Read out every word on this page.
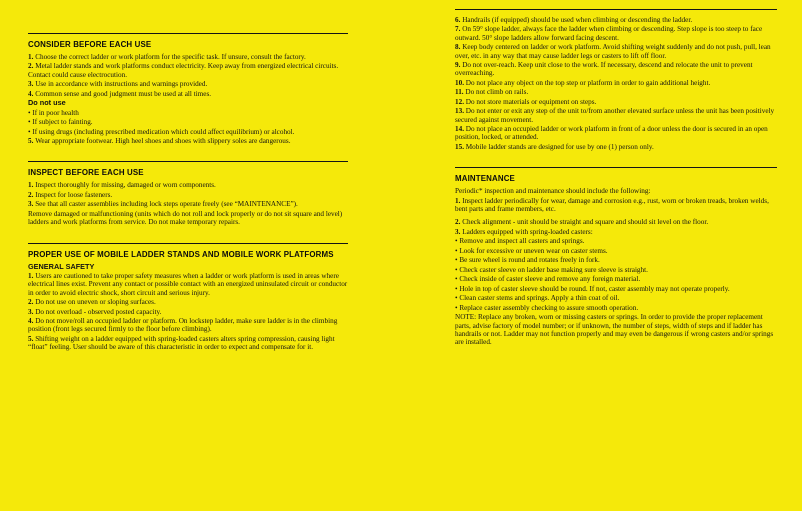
CONSIDER BEFORE EACH USE

1. Choose the correct ladder or work platform for the specific task. If unsure, consult the factory.

2. Metal ladder stands and work platforms conduct electricity. Keep away from energized electrical circuits. Contact could cause electrocution.

3. Use in accordance with instructions and warnings provided.

4. Common sense and good judgment must be used at all times.

Do not use

• If in poor health

• If subject to fainting.

• If using drugs (including prescribed medication which could affect equilibrium) or alcohol.

5. Wear appropriate footwear. High heel shoes and shoes with slippery soles are dangerous.

INSPECT BEFORE EACH USE

1. Inspect thoroughly for missing, damaged or worn components.

2. Inspect for loose fasteners.

3. See that all caster assemblies including lock steps operate freely (see “MAINTENANCE”).

Remove damaged or malfunctioning (units which do not roll and lock properly or do not sit square and level) ladders and work platforms from service. Do not make temporary repairs.

PROPER USE OF MOBILE LADDER STANDS AND MOBILE WORK PLATFORMS

GENERAL SAFETY

1. Users are cautioned to take proper safety measures when a ladder or work platform is used in areas where electrical lines exist. Prevent any contact or possible contact with an energized uninsulated circuit or conductor in order to avoid electric shock, short circuit and serious injury.

2. Do not use on uneven or sloping surfaces.

3. Do not overload - observed posted capacity.

4. Do not move/roll an occupied ladder or platform. On lockstep ladder, make sure ladder is in the climbing position (front legs secured firmly to the floor before climbing).

5. Shifting weight on a ladder equipped with spring-loaded casters alters spring compression, causing light “float” feeling. User should be aware of this characteristic in order to expect and compensate for it.

6. Handrails (if equipped) should be used when climbing or descending the ladder.

7. On 59° slope ladder, always face the ladder when climbing or descending. Step slope is too steep to face outward. 50° slope ladders allow forward facing descent.

8. Keep body centered on ladder or work platform. Avoid shifting weight suddenly and do not push, pull, lean over, etc. in any way that may cause ladder legs or casters to lift off floor.

9. Do not over-reach. Keep unit close to the work. If necessary, descend and relocate the unit to prevent overreaching.

10. Do not place any object on the top step or platform in order to gain additional height.

11. Do not climb on rails.

12. Do not store materials or equipment on steps.

13. Do not enter or exit any step of the unit to/from another elevated surface unless the unit has been positively secured against movement.

14. Do not place an occupied ladder or work platform in front of a door unless the door is secured in an open position, locked, or attended.

15. Mobile ladder stands are designed for use by one (1) person only.

MAINTENANCE

Periodic* inspection and maintenance should include the following:

1. Inspect ladder periodically for wear, damage and corrosion e.g., rust, worn or broken treads, broken welds, bent parts and frame members, etc.

2. Check alignment - unit should be straight and square and should sit level on the floor.

3. Ladders equipped with spring-loaded casters:

• Remove and inspect all casters and springs.

• Look for excessive or uneven wear on caster stems.

• Be sure wheel is round and rotates freely in fork.

• Check caster sleeve on ladder base making sure sleeve is straight.

• Check inside of caster sleeve and remove any foreign material.

• Hole in top of caster sleeve should be round. If not, caster assembly may not operate properly.

• Clean caster stems and springs. Apply a thin coat of oil.

• Replace caster assembly checking to assure smooth operation.

NOTE: Replace any broken, worn or missing casters or springs. In order to provide the proper replacement parts, advise factory of model number; or if unknown, the number of steps, width of steps and if ladder has handrails or not. Ladder may not function properly and may even be dangerous if wrong casters and/or springs are installed.
